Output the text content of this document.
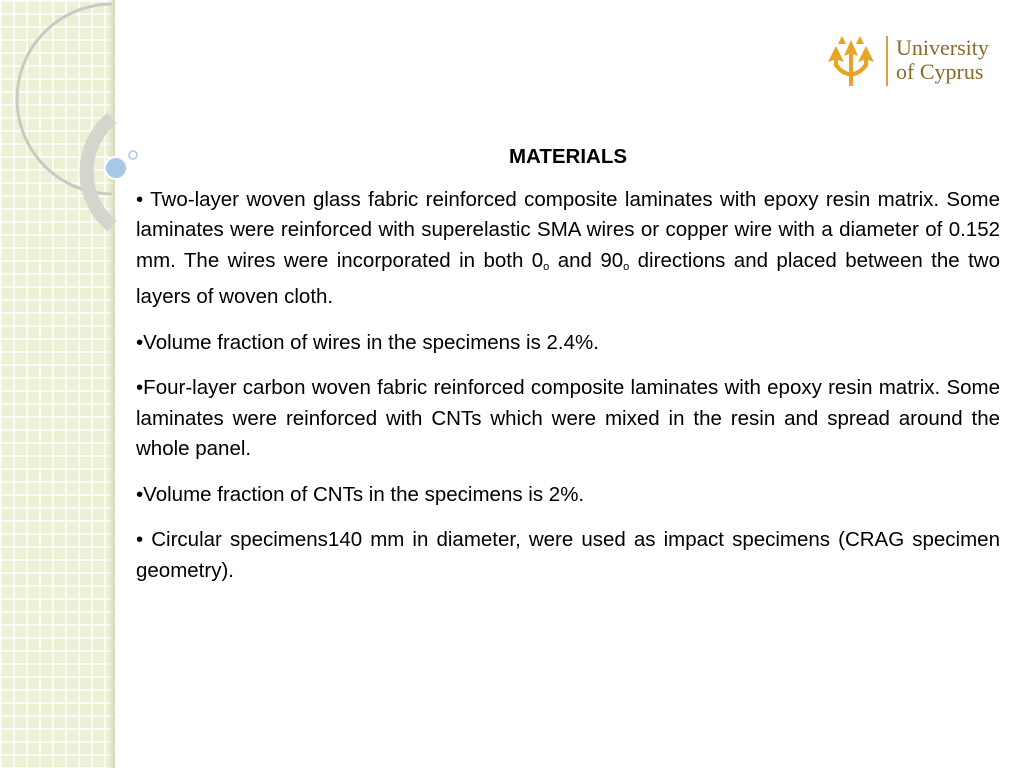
University
of Cyprus
MATERIALS

• Two-layer woven glass fabric reinforced composite laminates with epoxy resin matrix. Some laminates were reinforced with superelastic SMA wires or copper wire with a diameter of 0.152 mm. The wires were incorporated in both 0o and 90o directions and placed between the two layers of woven cloth.

•Volume fraction of wires in the specimens is 2.4%.

•Four-layer carbon woven fabric reinforced composite laminates with epoxy resin matrix. Some laminates were reinforced with CNTs which were mixed in the resin and spread around the whole panel.

•Volume fraction of CNTs in the specimens is 2%.

• Circular specimens140 mm in diameter, were used as impact specimens (CRAG specimen geometry).
